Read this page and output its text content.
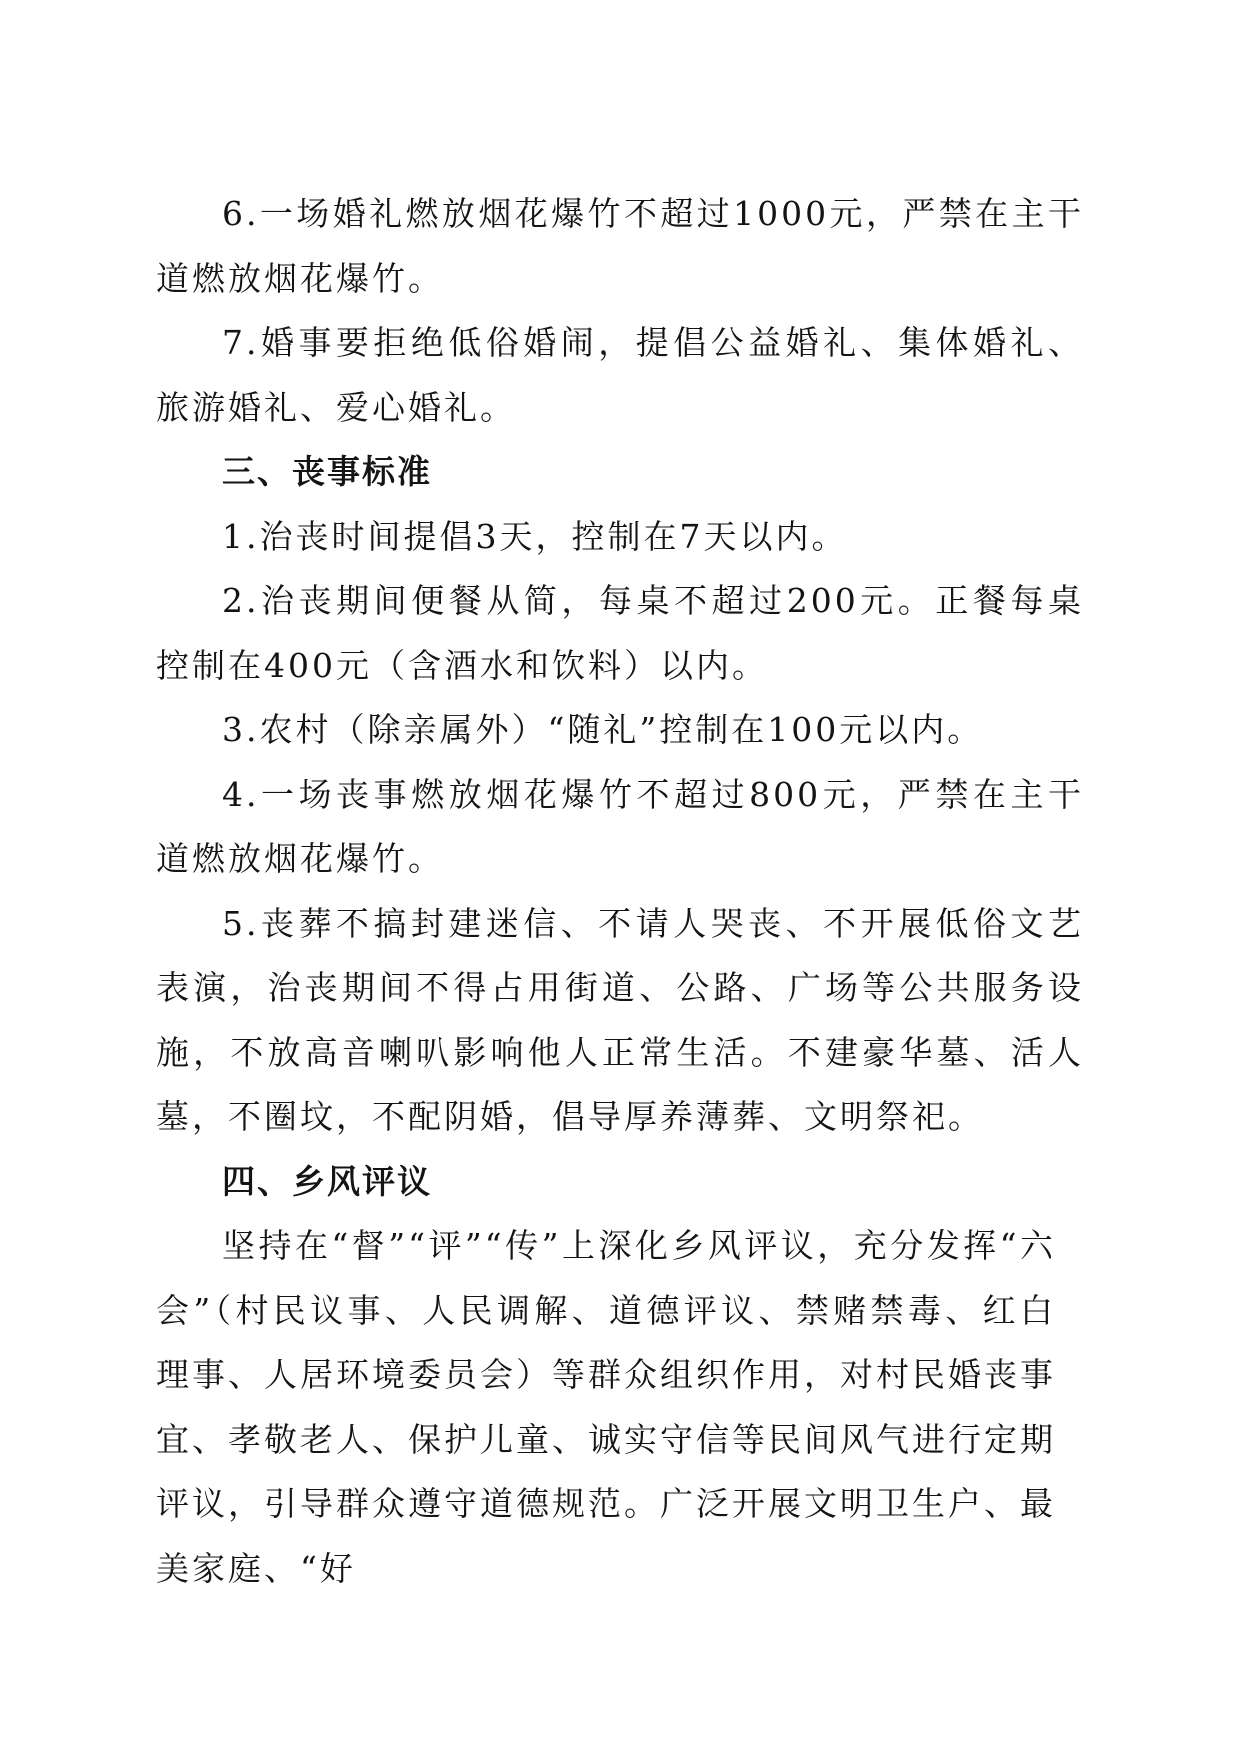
6.一场婚礼燃放烟花爆竹不超过1000元，严禁在主干道燃放烟花爆竹。

7.婚事要拒绝低俗婚闹，提倡公益婚礼、集体婚礼、旅游婚礼、爱心婚礼。

三、丧事标准

1.治丧时间提倡3天，控制在7天以内。

2.治丧期间便餐从简，每桌不超过200元。正餐每桌控制在400元（含酒水和饮料）以内。

3.农村（除亲属外）“随礼”控制在100元以内。

4.一场丧事燃放烟花爆竹不超过800元，严禁在主干道燃放烟花爆竹。

5.丧葬不搞封建迷信、不请人哭丧、不开展低俗文艺表演，治丧期间不得占用街道、公路、广场等公共服务设施，不放高音喇叭影响他人正常生活。不建豪华墓、活人墓，不圈坟，不配阴婚，倡导厚养薄葬、文明祭祀。

四、乡风评议

坚持在“督”“评”“传”上深化乡风评议，充分发挥“六会”（村民议事、人民调解、道德评议、禁赌禁毒、红白理事、人居环境委员会）等群众组织作用，对村民婚丧事宜、孝敬老人、保护儿童、诚实守信等民间风气进行定期评议，引导群众遵守道德规范。广泛开展文明卫生户、最美家庭、“好
